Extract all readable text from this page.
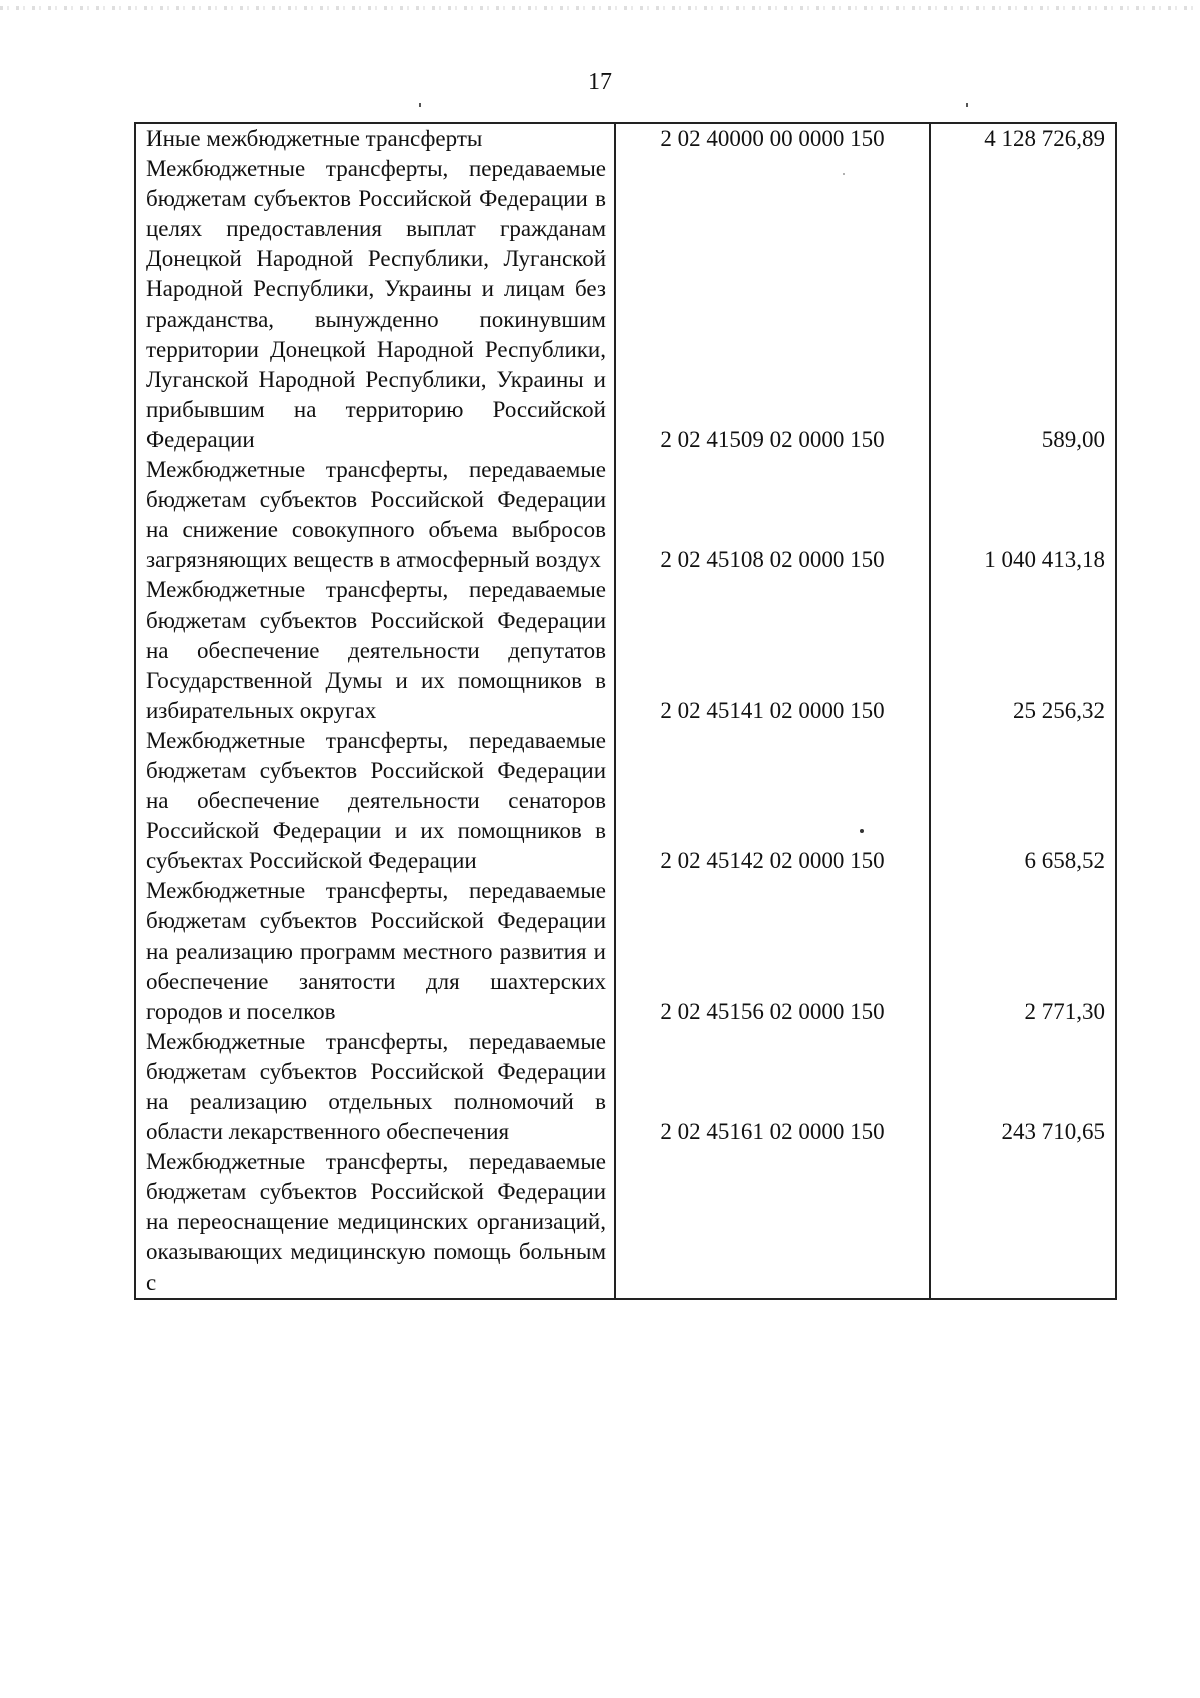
17
Иные межбюджетные трансферты	2 02 40000 00 0000 150	4 128 726,89
Межбюджетные трансферты, передаваемые бюджетам субъектов Российской Федерации в целях предоставления выплат гражданам Донецкой Народной Республики, Луганской Народной Республики, Украины и лицам без гражданства, вынужденно покинувшим территории Донецкой Народной Республики, Луганской Народной Республики, Украины и прибывшим на территорию Российской Федерации	2 02 41509 02 0000 150	589,00
Межбюджетные трансферты, передаваемые бюджетам субъектов Российской Федерации на снижение совокупного объема выбросов загрязняющих веществ в атмосферный воздух	2 02 45108 02 0000 150	1 040 413,18
Межбюджетные трансферты, передаваемые бюджетам субъектов Российской Федерации на обеспечение деятельности депутатов Государственной Думы и их помощников в избирательных округах	2 02 45141 02 0000 150	25 256,32
Межбюджетные трансферты, передаваемые бюджетам субъектов Российской Федерации на обеспечение деятельности сенаторов Российской Федерации и их помощников в субъектах Российской Федерации	2 02 45142 02 0000 150	6 658,52
Межбюджетные трансферты, передаваемые бюджетам субъектов Российской Федерации на реализацию программ местного развития и обеспечение занятости для шахтерских городов и поселков	2 02 45156 02 0000 150	2 771,30
Межбюджетные трансферты, передаваемые бюджетам субъектов Российской Федерации на реализацию отдельных полномочий в области лекарственного обеспечения	2 02 45161 02 0000 150	243 710,65
Межбюджетные трансферты, передаваемые бюджетам субъектов Российской Федерации на переоснащение медицинских организаций, оказывающих медицинскую помощь больным с		
